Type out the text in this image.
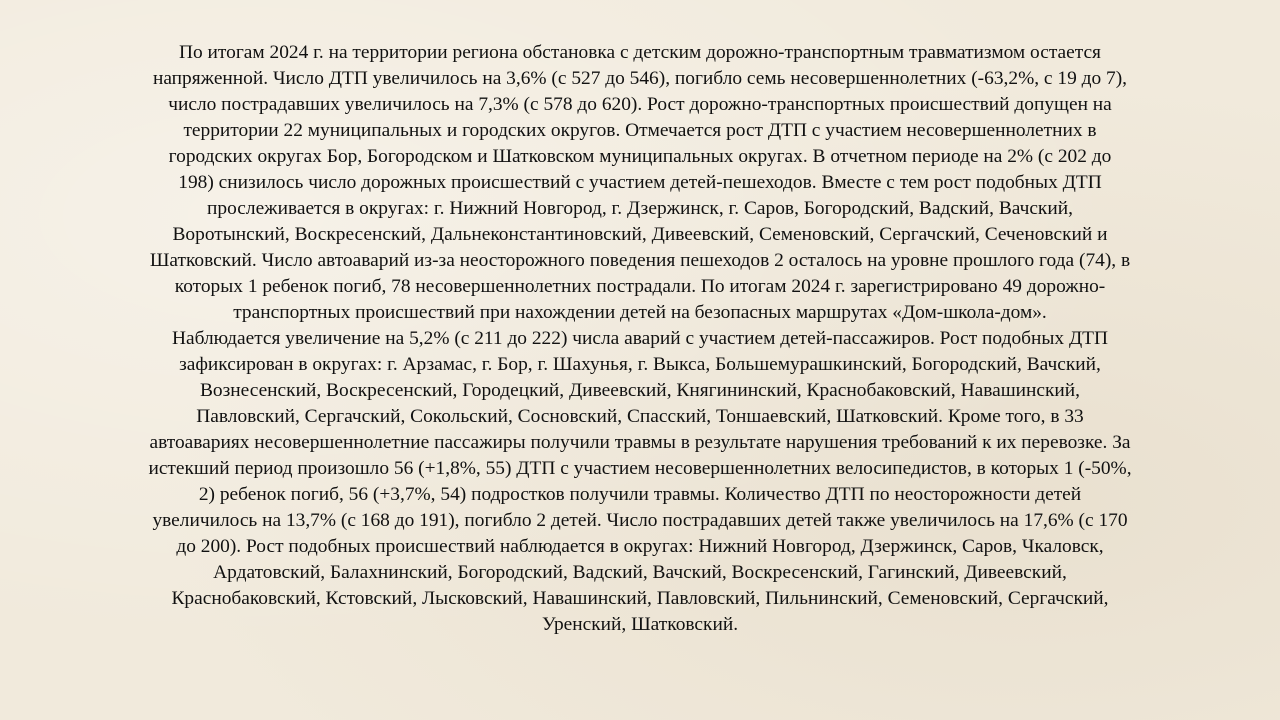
По итогам 2024 г. на территории региона обстановка с детским дорожно-транспортным травматизмом остается
напряженной. Число ДТП увеличилось на 3,6% (с 527 до 546), погибло семь несовершеннолетних (-63,2%, с 19 до 7),
число пострадавших увеличилось на 7,3% (с 578 до 620). Рост дорожно-транспортных происшествий допущен на
территории 22 муниципальных и городских округов. Отмечается рост ДТП с участием несовершеннолетних в
городских округах Бор, Богородском и Шатковском муниципальных округах. В отчетном периоде на 2% (с 202 до
198) снизилось число дорожных происшествий с участием детей-пешеходов. Вместе с тем рост подобных ДТП
прослеживается в округах: г. Нижний Новгород, г. Дзержинск, г. Саров, Богородский, Вадский, Вачский,
Воротынский, Воскресенский, Дальнеконстантиновский, Дивеевский, Семеновский, Сергачский, Сеченовский и
Шатковский. Число автоаварий из-за неосторожного поведения пешеходов 2 осталось на уровне прошлого года (74), в
которых 1 ребенок погиб, 78 несовершеннолетних пострадали. По итогам 2024 г. зарегистрировано 49 дорожно-
транспортных происшествий при нахождении детей на безопасных маршрутах «Дом-школа-дом».
Наблюдается увеличение на 5,2% (с 211 до 222) числа аварий с участием детей-пассажиров. Рост подобных ДТП
зафиксирован в округах: г. Арзамас, г. Бор, г. Шахунья, г. Выкса, Большемурашкинский, Богородский, Вачский,
Вознесенский, Воскресенский, Городецкий, Дивеевский, Княгининский, Краснобаковский, Навашинский,
Павловский, Сергачский, Сокольский, Сосновский, Спасский, Тоншаевский, Шатковский. Кроме того, в 33
автоавариях несовершеннолетние пассажиры получили травмы в результате нарушения требований к их перевозке. За
истекший период произошло 56 (+1,8%, 55) ДТП с участием несовершеннолетних велосипедистов, в которых 1 (-50%,
2) ребенок погиб, 56 (+3,7%, 54) подростков получили травмы. Количество ДТП по неосторожности детей
увеличилось на 13,7% (с 168 до 191), погибло 2 детей. Число пострадавших детей также увеличилось на 17,6% (с 170
до 200). Рост подобных происшествий наблюдается в округах: Нижний Новгород, Дзержинск, Саров, Чкаловск,
Ардатовский, Балахнинский, Богородский, Вадский, Вачский, Воскресенский, Гагинский, Дивеевский,
Краснобаковский, Кстовский, Лысковский, Навашинский, Павловский, Пильнинский, Семеновский, Сергачский,
Уренский, Шатковский.
